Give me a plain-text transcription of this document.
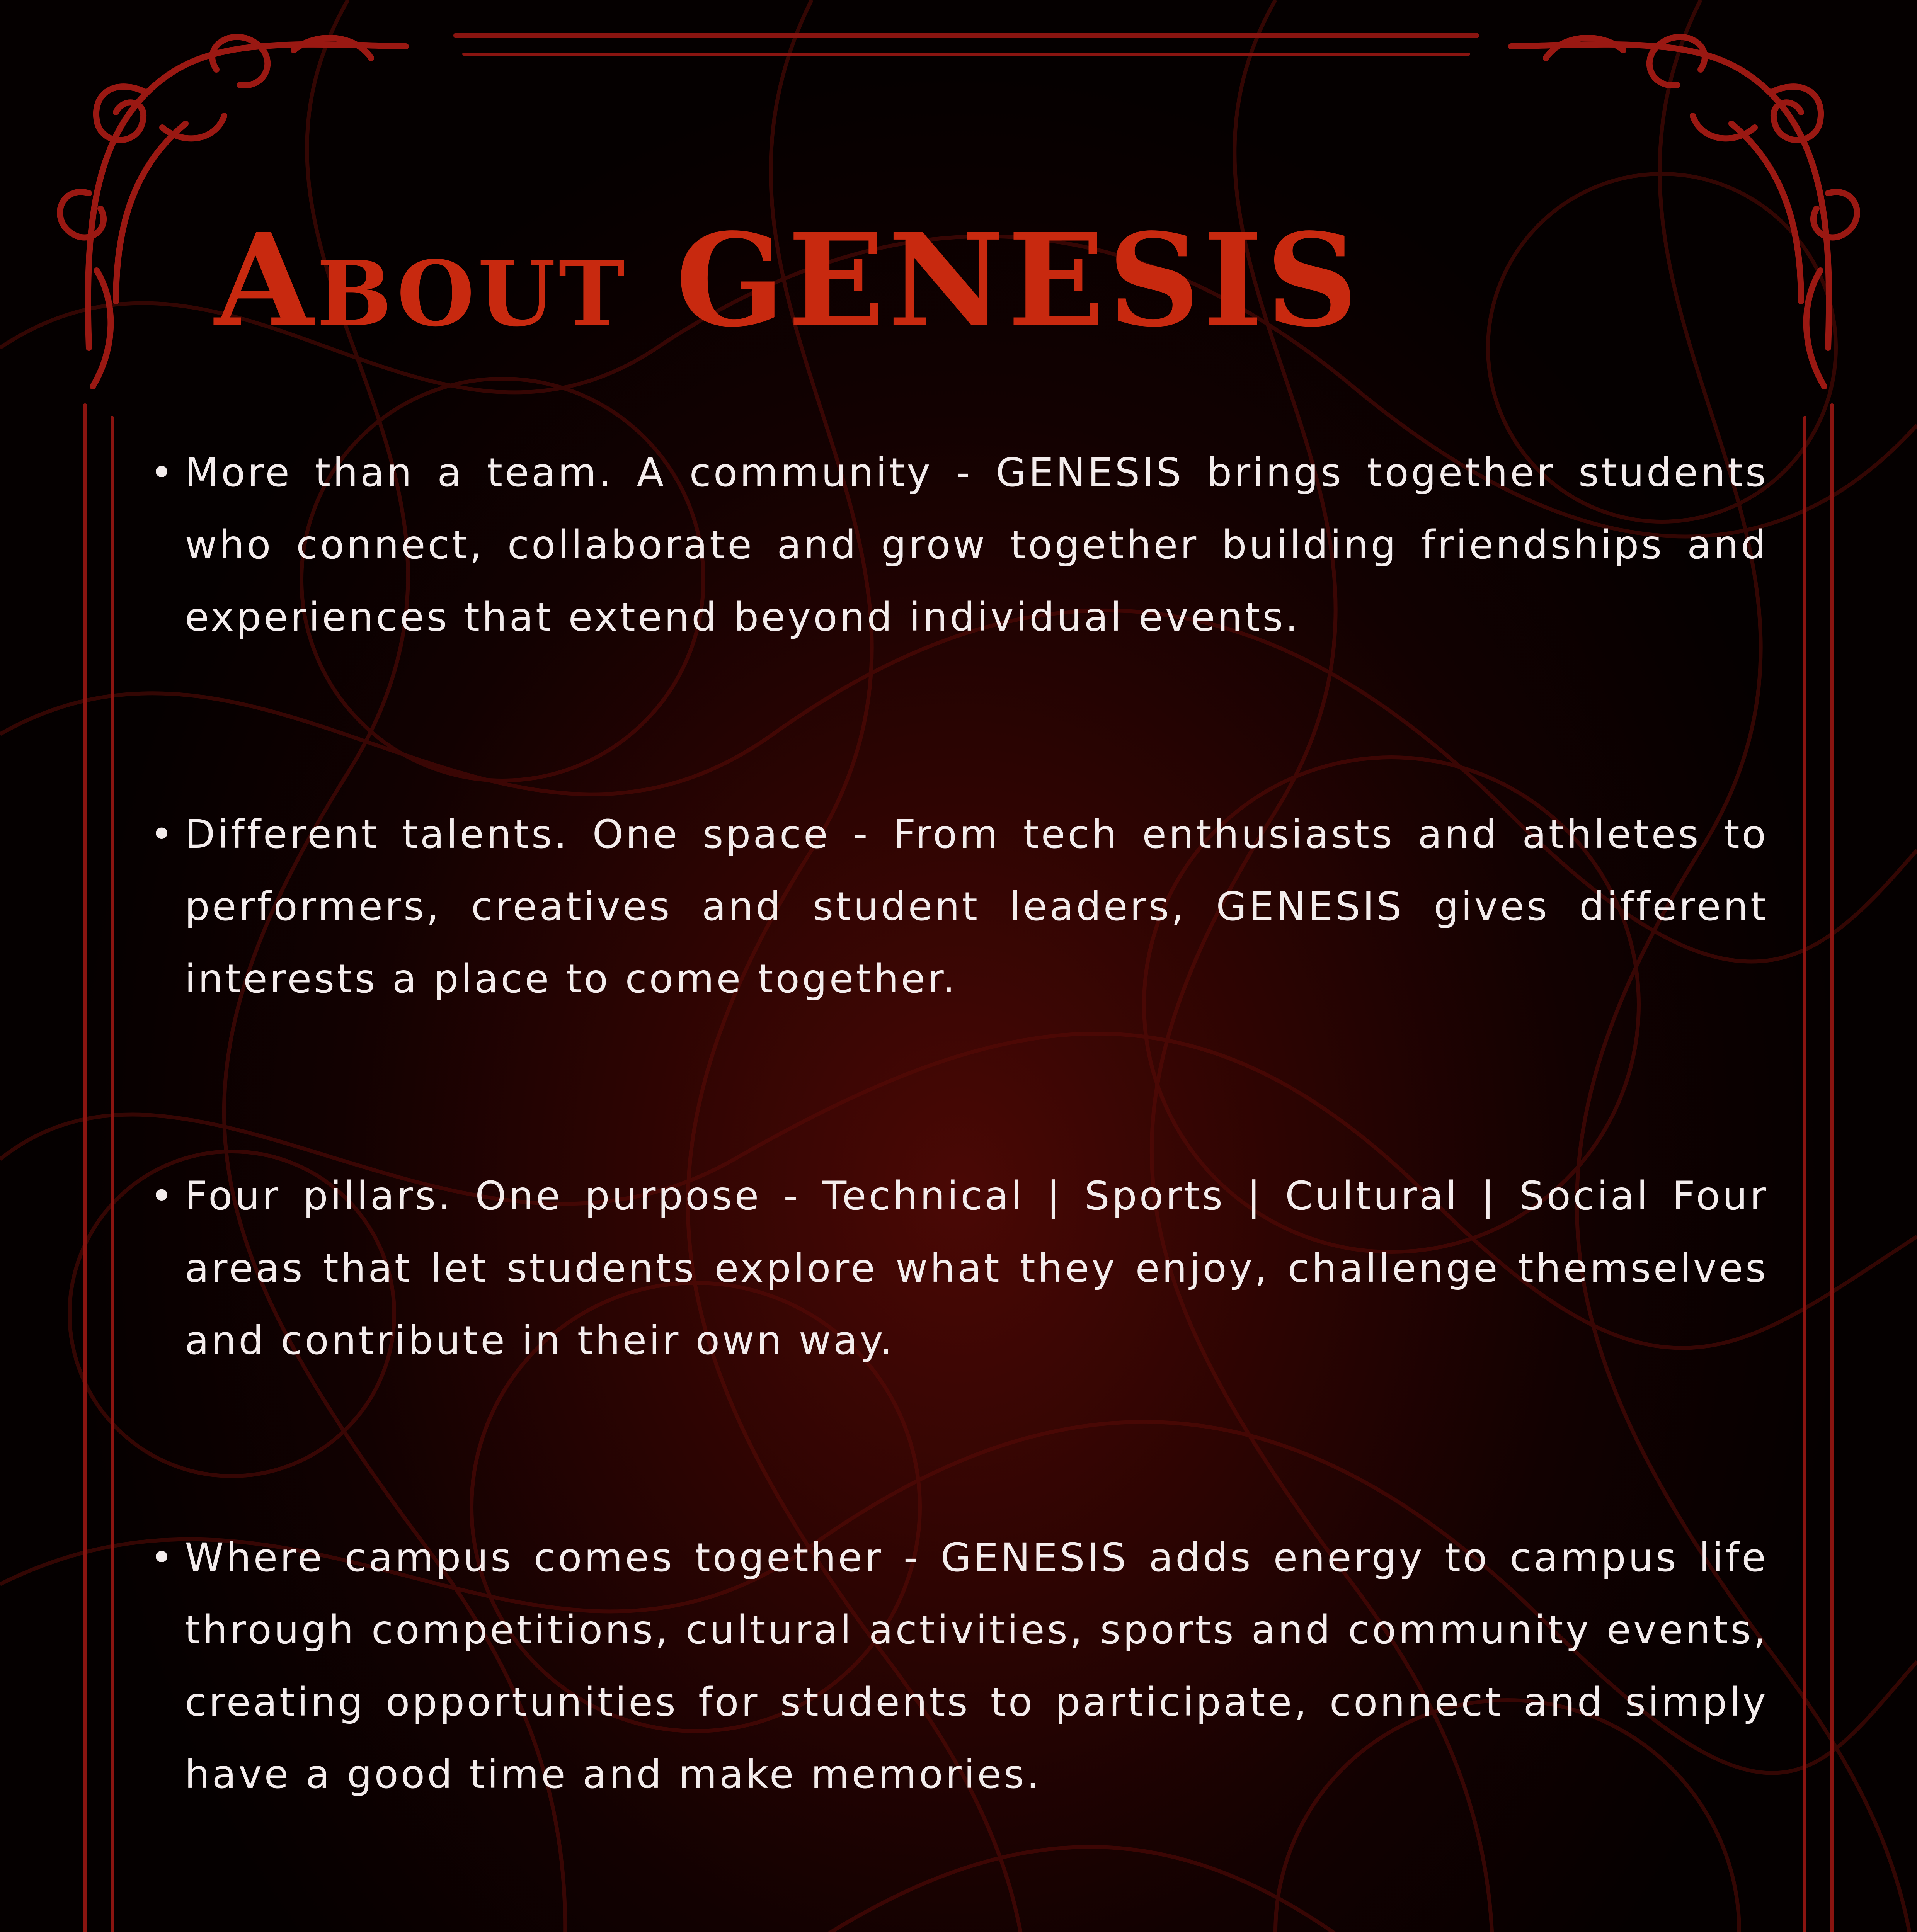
About GENESIS
• More than a team. A community - GENESIS brings together students who connect, collaborate and grow together building friendships and experiences that extend beyond individual events.
• Different talents. One space - From tech enthusiasts and athletes to performers, creatives and student leaders, GENESIS gives different interests a place to come together.
• Four pillars. One purpose - Technical | Sports | Cultural | Social Four areas that let students explore what they enjoy, challenge themselves and contribute in their own way.
• Where campus comes together - GENESIS adds energy to campus life through competitions, cultural activities, sports and community events, creating opportunities for students to participate, connect and simply have a good time and make memories.
